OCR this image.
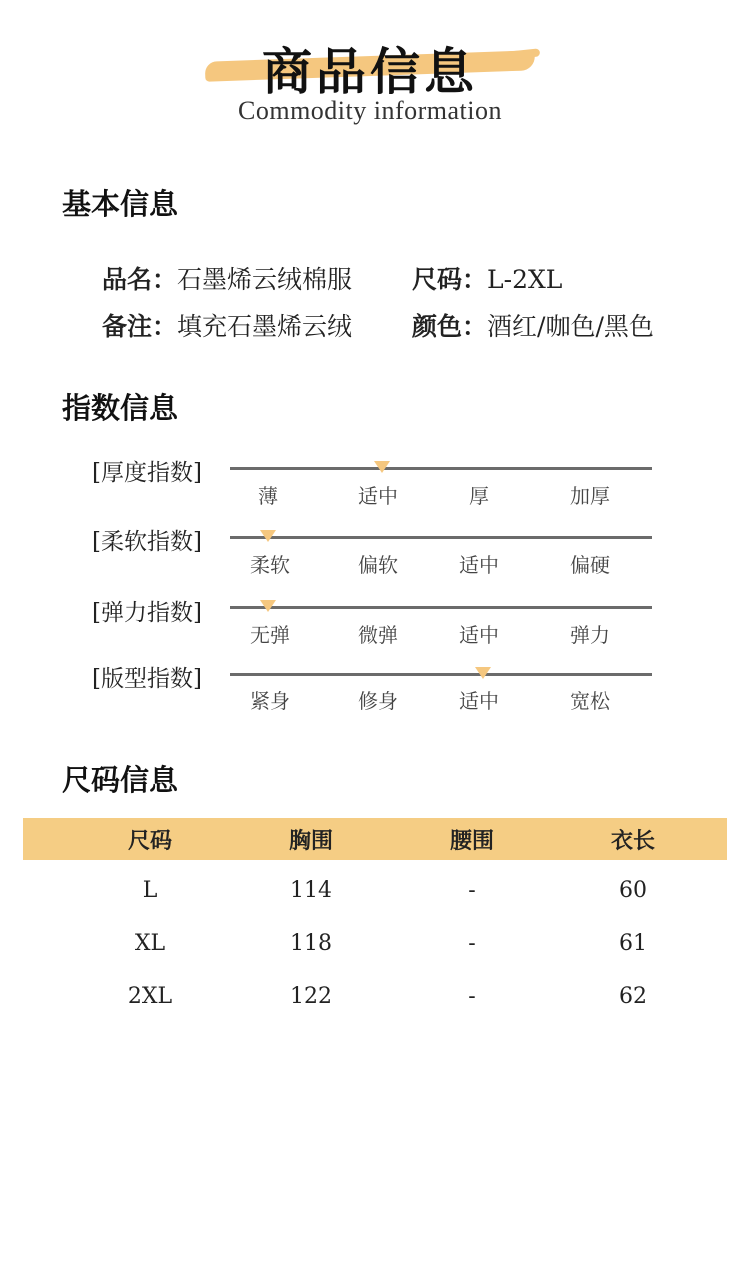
商品信息
Commodity information
基本信息
品名：石墨烯云绒棉服 尺码：L-2XL
备注：填充石墨烯云绒 颜色：酒红/咖色/黑色
指数信息
[厚度指数]
薄	适中	厚	加厚
[柔软指数]
柔软	偏软	适中	偏硬
[弹力指数]
无弹	微弹	适中	弹力
[版型指数]
紧身	修身	适中	宽松
尺码信息
尺码	胸围	腰围	衣长
L	114	-	60
XL	118	-	61
2XL	122	-	62
